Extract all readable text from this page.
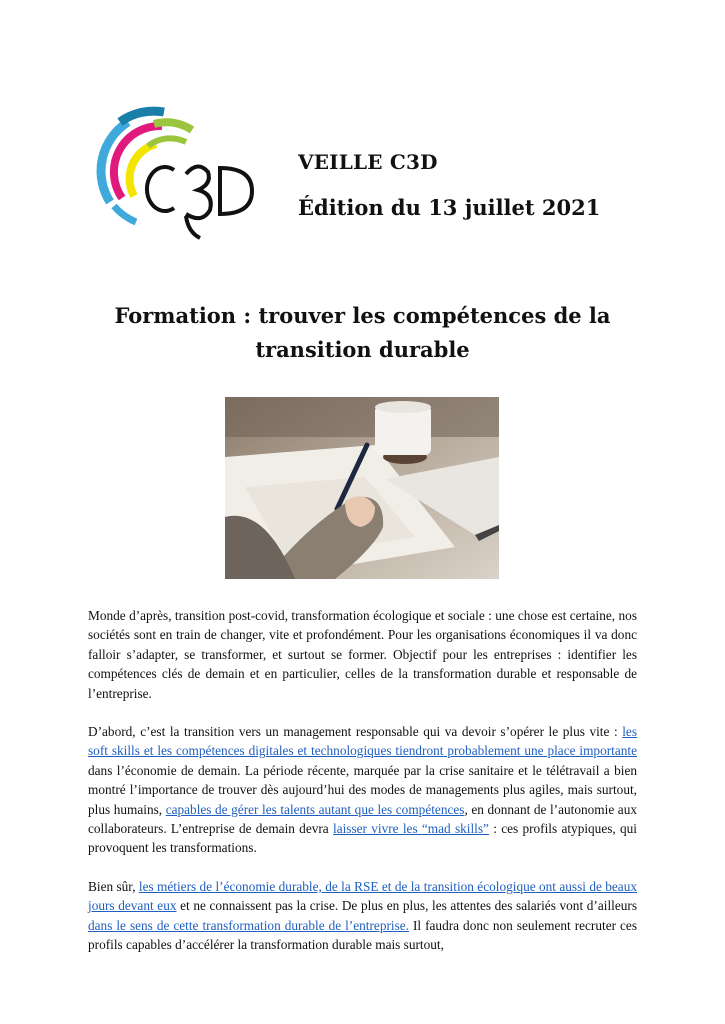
VEILLE C3D
Édition du 13 juillet 2021
Formation : trouver les compétences de la
transition durable

Monde d’après, transition post-covid, transformation écologique et sociale : une chose est certaine, nos sociétés sont en train de changer, vite et profondément. Pour les organisations économiques il va donc falloir s’adapter, se transformer, et surtout se former. Objectif pour les entreprises : identifier les compétences clés de demain et en particulier, celles de la transformation durable et responsable de l’entreprise.

D’abord, c’est la transition vers un management responsable qui va devoir s’opérer le plus vite : les soft skills et les compétences digitales et technologiques tiendront probablement une place importante dans l’économie de demain. La période récente, marquée par la crise sanitaire et le télétravail a bien montré l’importance de trouver dès aujourd’hui des modes de managements plus agiles, mais surtout, plus humains, capables de gérer les talents autant que les compétences, en donnant de l’autonomie aux collaborateurs. L’entreprise de demain devra laisser vivre les “mad skills” : ces profils atypiques, qui provoquent les transformations.

Bien sûr, les métiers de l’économie durable, de la RSE et de la transition écologique ont aussi de beaux jours devant eux et ne connaissent pas la crise. De plus en plus, les attentes des salariés vont d’ailleurs dans le sens de cette transformation durable de l’entreprise. Il faudra donc non seulement recruter ces profils capables d’accélérer la transformation durable mais surtout,
